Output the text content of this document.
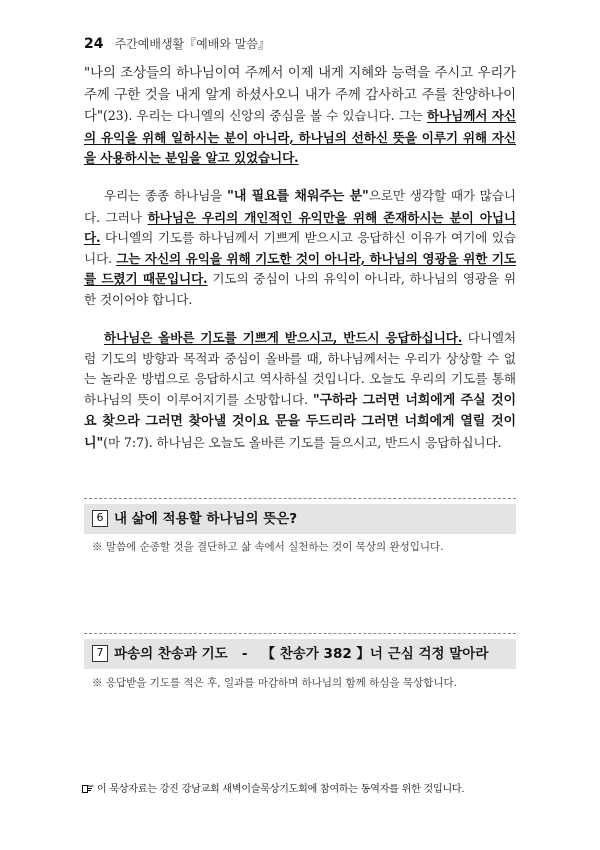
24 주간예배생활『예배와 말씀』
"나의 조상들의 하나님이여 주께서 이제 내게 지혜와 능력을 주시고 우리가 주께 구한 것을 내게 알게 하셨사오니 내가 주께 감사하고 주를 찬양하나이다"(23). 우리는 다니엘의 신앙의 중심을 볼 수 있습니다. 그는 하나님께서 자신의 유익을 위해 일하시는 분이 아니라, 하나님의 선하신 뜻을 이루기 위해 자신을 사용하시는 분임을 알고 있었습니다.
우리는 종종 하나님을 "내 필요를 채워주는 분"으로만 생각할 때가 많습니다. 그러나 하나님은 우리의 개인적인 유익만을 위해 존재하시는 분이 아닙니다. 다니엘의 기도를 하나님께서 기쁘게 받으시고 응답하신 이유가 여기에 있습니다. 그는 자신의 유익을 위해 기도한 것이 아니라, 하나님의 영광을 위한 기도를 드렸기 때문입니다. 기도의 중심이 나의 유익이 아니라, 하나님의 영광을 위한 것이어야 합니다.
하나님은 올바른 기도를 기쁘게 받으시고, 반드시 응답하십니다. 다니엘처럼 기도의 방향과 목적과 중심이 올바를 때, 하나님께서는 우리가 상상할 수 없는 놀라운 방법으로 응답하시고 역사하실 것입니다. 오늘도 우리의 기도를 통해 하나님의 뜻이 이루어지기를 소망합니다. "구하라 그러면 너희에게 주실 것이요 찾으라 그러면 찾아낼 것이요 문을 두드리라 그러면 너희에게 열릴 것이니"(마 7:7). 하나님은 오늘도 올바른 기도를 들으시고, 반드시 응답하십니다.
6 내 삶에 적용할 하나님의 뜻은?
※ 말씀에 순종할 것을 결단하고 삶 속에서 실천하는 것이 묵상의 완성입니다.
7 파송의 찬송과 기도   -   【 찬송가 382 】너 근심 걱정 말아라
※ 응답받을 기도를 적은 후, 일과를 마감하며 하나님의 함께 하심을 묵상합니다.
이 묵상자료는 강진 강남교회 새벽이슬묵상기도회에 참여하는 동역자를 위한 것입니다.
